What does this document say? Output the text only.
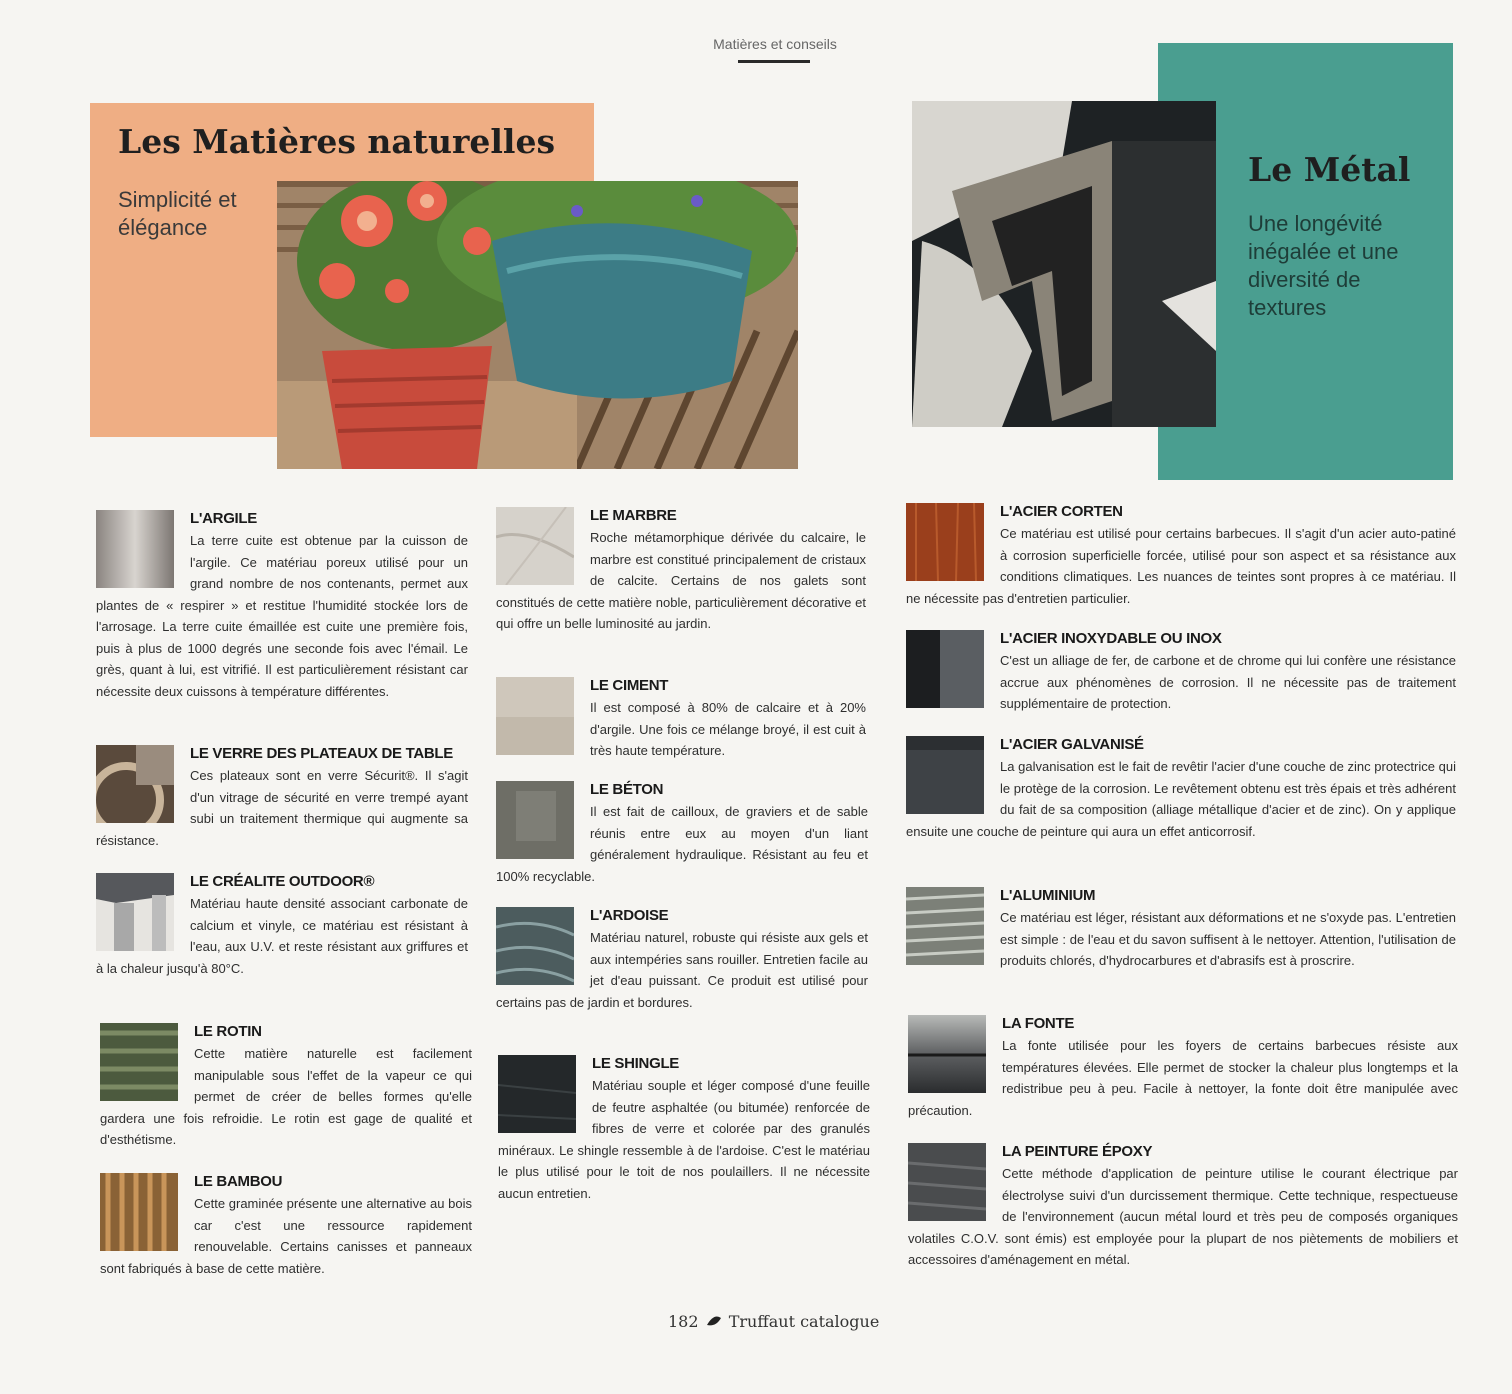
Matières et conseils
Les Matières naturelles
Simplicité et élégance
Le Métal
Une longévité inégalée et une diversité de textures
L'ARGILE

La terre cuite est obtenue par la cuisson de l'argile. Ce matériau poreux utilisé pour un grand nombre de nos contenants, permet aux plantes de « respirer » et restitue l'humidité stockée lors de l'arrosage. La terre cuite émaillée est cuite une première fois, puis à plus de 1000 degrés une seconde fois avec l'émail. Le grès, quant à lui, est vitrifié. Il est particulièrement résistant car nécessite deux cuissons à température différentes.

LE VERRE DES PLATEAUX DE TABLE

Ces plateaux sont en verre Sécurit®. Il s'agit d'un vitrage de sécurité en verre trempé ayant subi un traitement thermique qui augmente sa résistance.

LE CRÉALITE OUTDOOR®

Matériau haute densité associant carbonate de calcium et vinyle, ce matériau est résistant à l'eau, aux U.V. et reste résistant aux griffures et à la chaleur jusqu'à 80°C.

LE ROTIN

Cette matière naturelle est facilement manipulable sous l'effet de la vapeur ce qui permet de créer de belles formes qu'elle gardera une fois refroidie. Le rotin est gage de qualité et d'esthétisme.

LE BAMBOU

Cette graminée présente une alternative au bois car c'est une ressource rapidement renouvelable. Certains canisses et panneaux sont fabriqués à base de cette matière.

LE MARBRE

Roche métamorphique dérivée du calcaire, le marbre est constitué principalement de cristaux de calcite. Certains de nos galets sont constitués de cette matière noble, particulièrement décorative et qui offre un belle luminosité au jardin.

LE CIMENT

Il est composé à 80% de calcaire et à 20% d'argile. Une fois ce mélange broyé, il est cuit à très haute température.

LE BÉTON

Il est fait de cailloux, de graviers et de sable réunis entre eux au moyen d'un liant généralement hydraulique. Résistant au feu et 100% recyclable.

L'ARDOISE

Matériau naturel, robuste qui résiste aux gels et aux intempéries sans rouiller. Entretien facile au jet d'eau puissant. Ce produit est utilisé pour certains pas de jardin et bordures.

LE SHINGLE

Matériau souple et léger composé d'une feuille de feutre asphaltée (ou bitumée) renforcée de fibres de verre et colorée par des granulés minéraux. Le shingle ressemble à de l'ardoise. C'est le matériau le plus utilisé pour le toit de nos poulaillers. Il ne nécessite aucun entretien.

L'ACIER CORTEN

Ce matériau est utilisé pour certains barbecues. Il s'agit d'un acier auto-patiné à corrosion superficielle forcée, utilisé pour son aspect et sa résistance aux conditions climatiques. Les nuances de teintes sont propres à ce matériau. Il ne nécessite pas d'entretien particulier.

L'ACIER INOXYDABLE OU INOX

C'est un alliage de fer, de carbone et de chrome qui lui confère une résistance accrue aux phénomènes de corrosion. Il ne nécessite pas de traitement supplémentaire de protection.

L'ACIER GALVANISÉ

La galvanisation est le fait de revêtir l'acier d'une couche de zinc protectrice qui le protège de la corrosion. Le revêtement obtenu est très épais et très adhérent du fait de sa composition (alliage métallique d'acier et de zinc). On y applique ensuite une couche de peinture qui aura un effet anticorrosif.

L'ALUMINIUM

Ce matériau est léger, résistant aux déformations et ne s'oxyde pas. L'entretien est simple : de l'eau et du savon suffisent à le nettoyer. Attention, l'utilisation de produits chlorés, d'hydrocarbures et d'abrasifs est à proscrire.

LA FONTE

La fonte utilisée pour les foyers de certains barbecues résiste aux températures élevées. Elle permet de stocker la chaleur plus longtemps et la redistribue peu à peu. Facile à nettoyer, la fonte doit être manipulée avec précaution.

LA PEINTURE ÉPOXY

Cette méthode d'application de peinture utilise le courant électrique par électrolyse suivi d'un durcissement thermique. Cette technique, respectueuse de l'environnement (aucun métal lourd et très peu de composés organiques volatiles C.O.V. sont émis) est employée pour la plupart de nos piètements de mobiliers et accessoires d'aménagement en métal.

182 Truffaut catalogue
